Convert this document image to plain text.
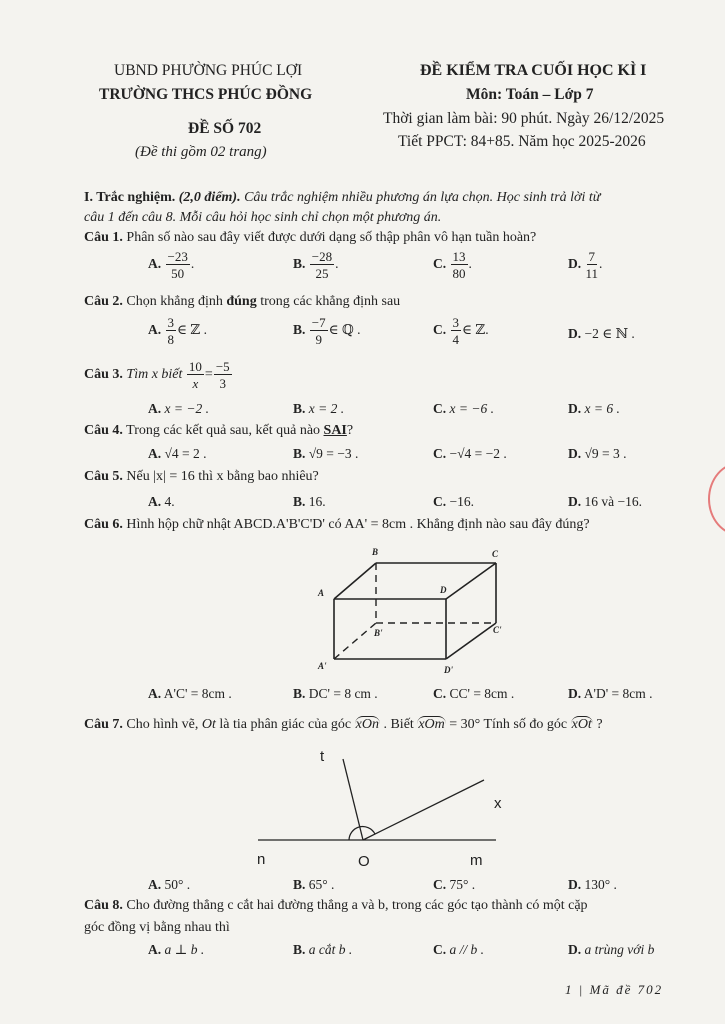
UBND PHƯỜNG PHÚC LỢI
TRƯỜNG THCS PHÚC ĐỒNG
ĐỀ SỐ 702
(Đề thi gồm 02 trang)
ĐỀ KIỂM TRA CUỐI HỌC KÌ I
Môn: Toán – Lớp 7
Thời gian làm bài: 90 phút. Ngày 26/12/2025
Tiết PPCT: 84+85. Năm học 2025-2026
I. Trắc nghiệm. (2,0 điểm). Câu trắc nghiệm nhiều phương án lựa chọn. Học sinh trả lời từ
câu 1 đến câu 8. Mỗi câu hỏi học sinh chỉ chọn một phương án.
Câu 1. Phân số nào sau đây viết được dưới dạng số thập phân vô hạn tuần hoàn?
A. $\frac{-23}{50}$ .	B. $\frac{-28}{25}$ .	C. $\frac{13}{80}$ .	D. $\frac{7}{11}$ .
Câu 2. Chọn khẳng định đúng trong các khẳng định sau
A. $\frac{3}{8}$ ∈ ℤ .	B. $\frac{-7}{9}$ ∈ ℚ .	C. $\frac{3}{4}$ ∈ ℤ.	D. −2 ∈ ℕ .
Câu 3. Tìm x biết $\frac{10}{x} = \frac{-5}{3}$
A. x = −2 .	B. x = 2 .	C. x = −6 .	D. x = 6 .
Câu 4. Trong các kết quả sau, kết quả nào SAI?
A. √4 = 2 .	B. √9 = −3 .	C. −√4 = −2 .	D. √9 = 3 .
Câu 5. Nếu |x| = 16 thì x bằng bao nhiêu?
A. 4.	B. 16.	C. −16.	D. 16 và −16.
Câu 6. Hình hộp chữ nhật ABCD.A'B'C'D' có AA' = 8cm . Khẳng định nào sau đây đúng?
B	C
A	D
B'	C'
A'	D'
A. A'C' = 8cm .	B. DC' = 8 cm .	C. CC' = 8cm .	D. A'D' = 8cm .
Câu 7. Cho hình vẽ, Ot là tia phân giác của góc xOn . Biết xOm = 30° Tính số đo góc xOt ?
t
x
n	O	m
A. 50° .	B. 65° .	C. 75° .	D. 130° .
Câu 8. Cho đường thẳng c cắt hai đường thẳng a và b, trong các góc tạo thành có một cặp
góc đồng vị bằng nhau thì
A. a ⊥ b .	B. a cắt b .	C. a // b .	D. a trùng với b
1 | Mã đề 702
